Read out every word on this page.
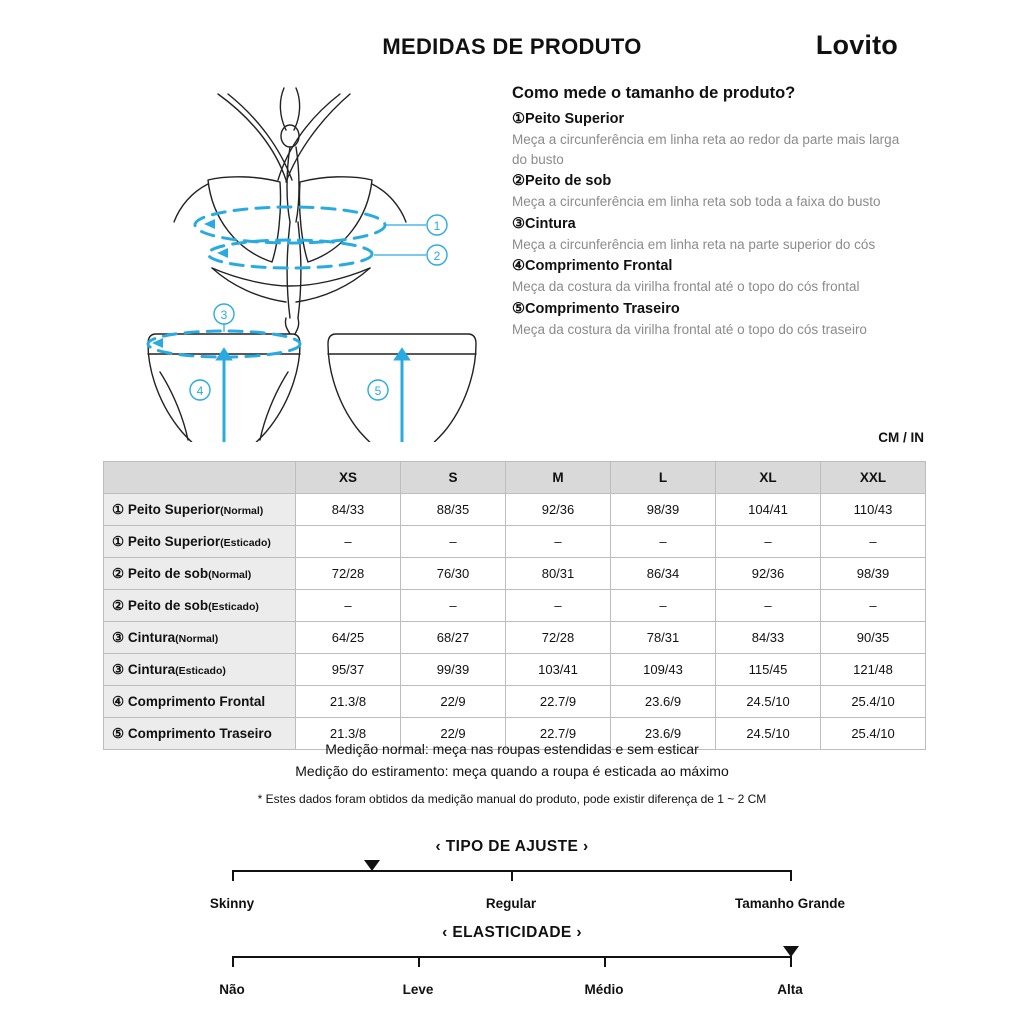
MEDIDAS DE PRODUTO	Lovito
1
2
3
4	5
Como mede o tamanho de produto?
①Peito Superior
Meça a circunferência em linha reta ao redor da parte mais larga do busto
②Peito de sob
Meça a circunferência em linha reta sob toda a faixa do busto
③Cintura
Meça a circunferência em linha reta na parte superior do cós
④Comprimento Frontal
Meça da costura da virilha frontal até o topo do cós frontal
⑤Comprimento Traseiro
Meça da costura da virilha frontal até o topo do cós traseiro
CM / IN
	XS	S	M	L	XL	XXL
① Peito Superior(Normal)	84/33	88/35	92/36	98/39	104/41	110/43
① Peito Superior(Esticado)	–	–	–	–	–	–
② Peito de sob(Normal)	72/28	76/30	80/31	86/34	92/36	98/39
② Peito de sob(Esticado)	–	–	–	–	–	–
③ Cintura(Normal)	64/25	68/27	72/28	78/31	84/33	90/35
③ Cintura(Esticado)	95/37	99/39	103/41	109/43	115/45	121/48
④ Comprimento Frontal	21.3/8	22/9	22.7/9	23.6/9	24.5/10	25.4/10
⑤ Comprimento Traseiro	21.3/8	22/9	22.7/9	23.6/9	24.5/10	25.4/10
Medição normal: meça nas roupas estendidas e sem esticar
Medição do estiramento: meça quando a roupa é esticada ao máximo
* Estes dados foram obtidos da medição manual do produto, pode existir diferença de 1 ~ 2 CM
‹ TIPO DE AJUSTE ›
Skinny	Regular	Tamanho Grande
‹ ELASTICIDADE ›
Não	Leve	Médio	Alta
